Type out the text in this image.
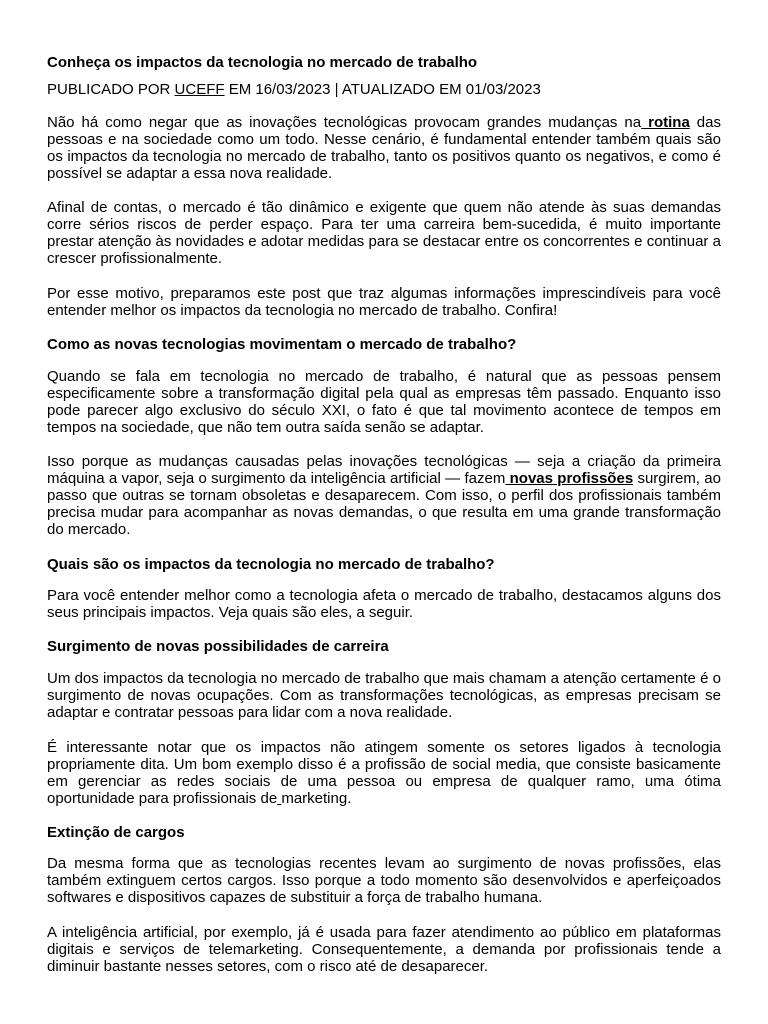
Conheça os impactos da tecnologia no mercado de trabalho

PUBLICADO POR UCEFF EM 16/03/2023 | ATUALIZADO EM 01/03/2023

Não há como negar que as inovações tecnológicas provocam grandes mudanças na rotina das pessoas e na sociedade como um todo. Nesse cenário, é fundamental entender também quais são os impactos da tecnologia no mercado de trabalho, tanto os positivos quanto os negativos, e como é possível se adaptar a essa nova realidade.

Afinal de contas, o mercado é tão dinâmico e exigente que quem não atende às suas demandas corre sérios riscos de perder espaço. Para ter uma carreira bem-sucedida, é muito importante prestar atenção às novidades e adotar medidas para se destacar entre os concorrentes e continuar a crescer profissionalmente.

Por esse motivo, preparamos este post que traz algumas informações imprescindíveis para você entender melhor os impactos da tecnologia no mercado de trabalho. Confira!

Como as novas tecnologias movimentam o mercado de trabalho?

Quando se fala em tecnologia no mercado de trabalho, é natural que as pessoas pensem especificamente sobre a transformação digital pela qual as empresas têm passado. Enquanto isso pode parecer algo exclusivo do século XXI, o fato é que tal movimento acontece de tempos em tempos na sociedade, que não tem outra saída senão se adaptar.

Isso porque as mudanças causadas pelas inovações tecnológicas — seja a criação da primeira máquina a vapor, seja o surgimento da inteligência artificial — fazem novas profissões surgirem, ao passo que outras se tornam obsoletas e desaparecem. Com isso, o perfil dos profissionais também precisa mudar para acompanhar as novas demandas, o que resulta em uma grande transformação do mercado.

Quais são os impactos da tecnologia no mercado de trabalho?

Para você entender melhor como a tecnologia afeta o mercado de trabalho, destacamos alguns dos seus principais impactos. Veja quais são eles, a seguir.

Surgimento de novas possibilidades de carreira

Um dos impactos da tecnologia no mercado de trabalho que mais chamam a atenção certamente é o surgimento de novas ocupações. Com as transformações tecnológicas, as empresas precisam se adaptar e contratar pessoas para lidar com a nova realidade.

É interessante notar que os impactos não atingem somente os setores ligados à tecnologia propriamente dita. Um bom exemplo disso é a profissão de social media, que consiste basicamente em gerenciar as redes sociais de uma pessoa ou empresa de qualquer ramo, uma ótima oportunidade para profissionais de marketing.

Extinção de cargos

Da mesma forma que as tecnologias recentes levam ao surgimento de novas profissões, elas também extinguem certos cargos. Isso porque a todo momento são desenvolvidos e aperfeiçoados softwares e dispositivos capazes de substituir a força de trabalho humana.

A inteligência artificial, por exemplo, já é usada para fazer atendimento ao público em plataformas digitais e serviços de telemarketing. Consequentemente, a demanda por profissionais tende a diminuir bastante nesses setores, com o risco até de desaparecer.
